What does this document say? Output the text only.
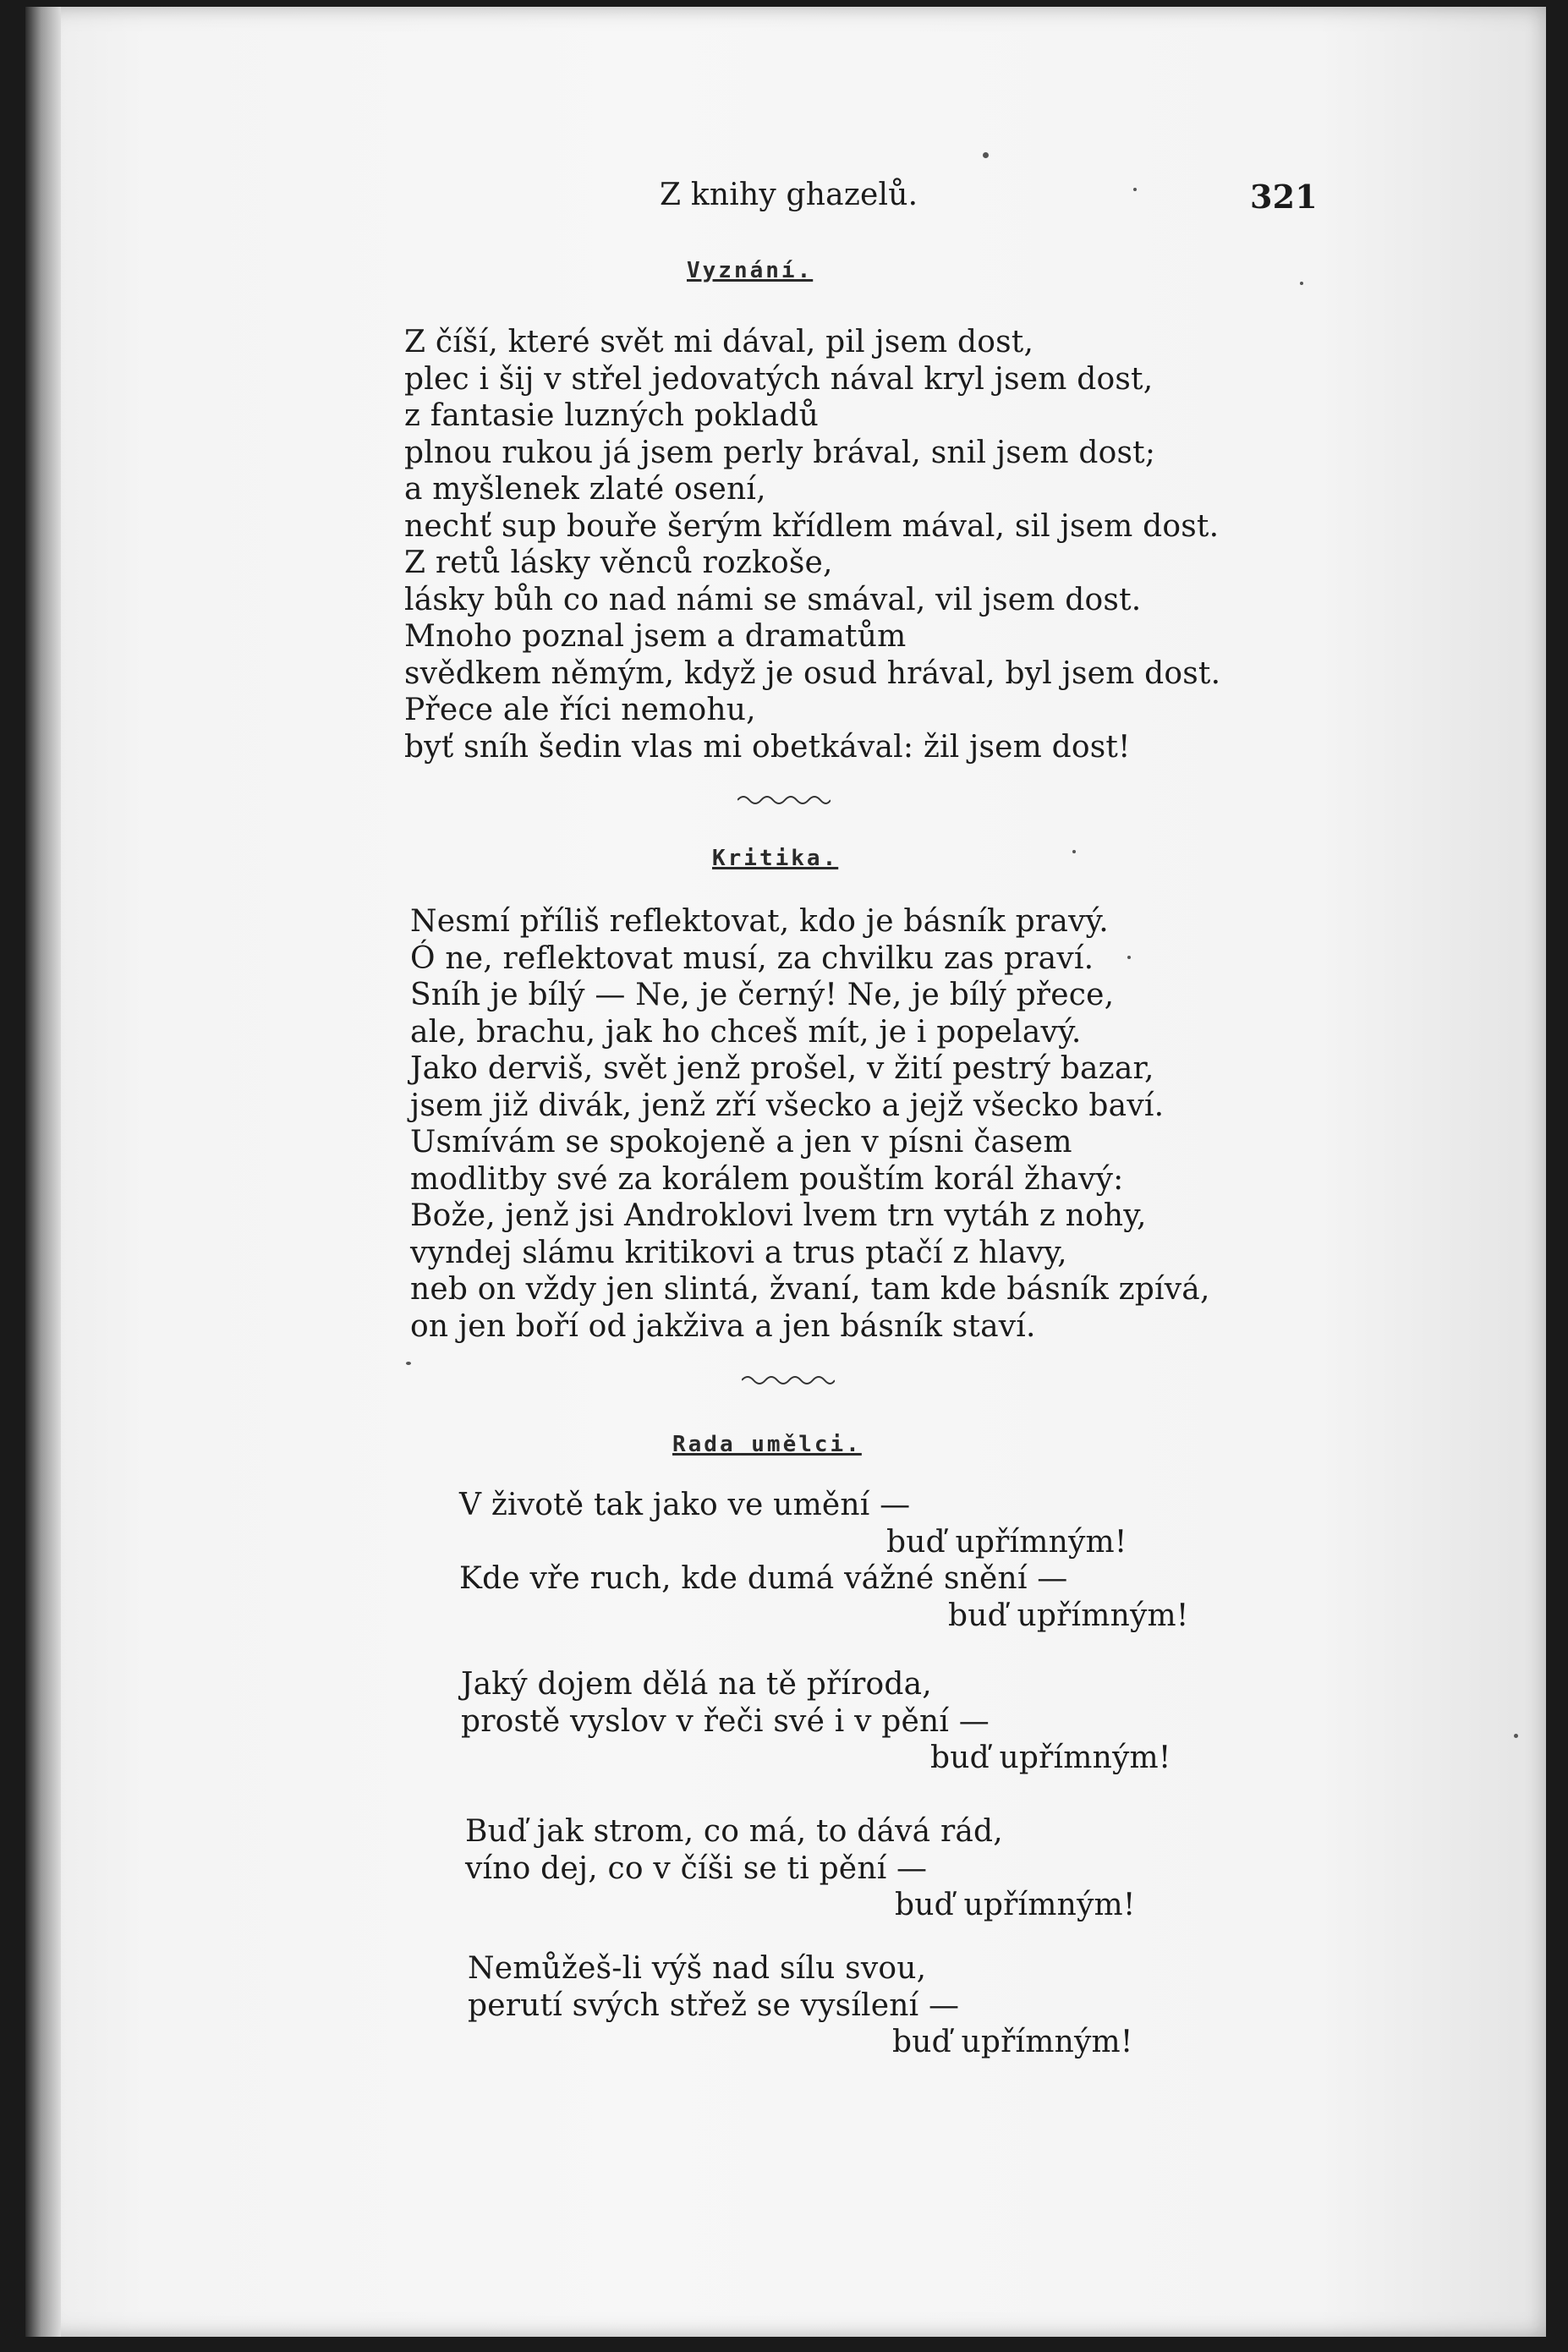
Z knihy ghazelů.	321
Vyznání.
Z číší, které svět mi dával, pil jsem dost,
plec i šij v střel jedovatých nával kryl jsem dost,
z fantasie luzných pokladů
plnou rukou já jsem perly brával, snil jsem dost;
a myšlenek zlaté osení,
nechť sup bouře šerým křídlem mával, sil jsem dost.
Z retů lásky věnců rozkoše,
lásky bůh co nad námi se smával, vil jsem dost.
Mnoho poznal jsem a dramatům
svědkem němým, když je osud hrával, byl jsem dost.
Přece ale říci nemohu,
byť sníh šedin vlas mi obetkával: žil jsem dost!
Kritika.
Nesmí příliš reflektovat, kdo je básník pravý.
Ó ne, reflektovat musí, za chvilku zas praví.
Sníh je bílý — Ne, je černý! Ne, je bílý přece,
ale, brachu, jak ho chceš mít, je i popelavý.
Jako derviš, svět jenž prošel, v žití pestrý bazar,
jsem již divák, jenž zří všecko a jejž všecko baví.
Usmívám se spokojeně a jen v písni časem
modlitby své za korálem pouštím korál žhavý:
Bože, jenž jsi Androklovi lvem trn vytáh z nohy,
vyndej slámu kritikovi a trus ptačí z hlavy,
neb on vždy jen slintá, žvaní, tam kde básník zpívá,
on jen boří od jakživa a jen básník staví.
Rada umělci.
V životě tak jako ve umění —
buď upřímným!
Kde vře ruch, kde dumá vážné snění —
buď upřímným!
Jaký dojem dělá na tě příroda,
prostě vyslov v řeči své i v pění —
buď upřímným!
Buď jak strom, co má, to dává rád,
víno dej, co v číši se ti pění —
buď upřímným!
Nemůžeš-li výš nad sílu svou,
perutí svých střež se vysílení —
buď upřímným!
